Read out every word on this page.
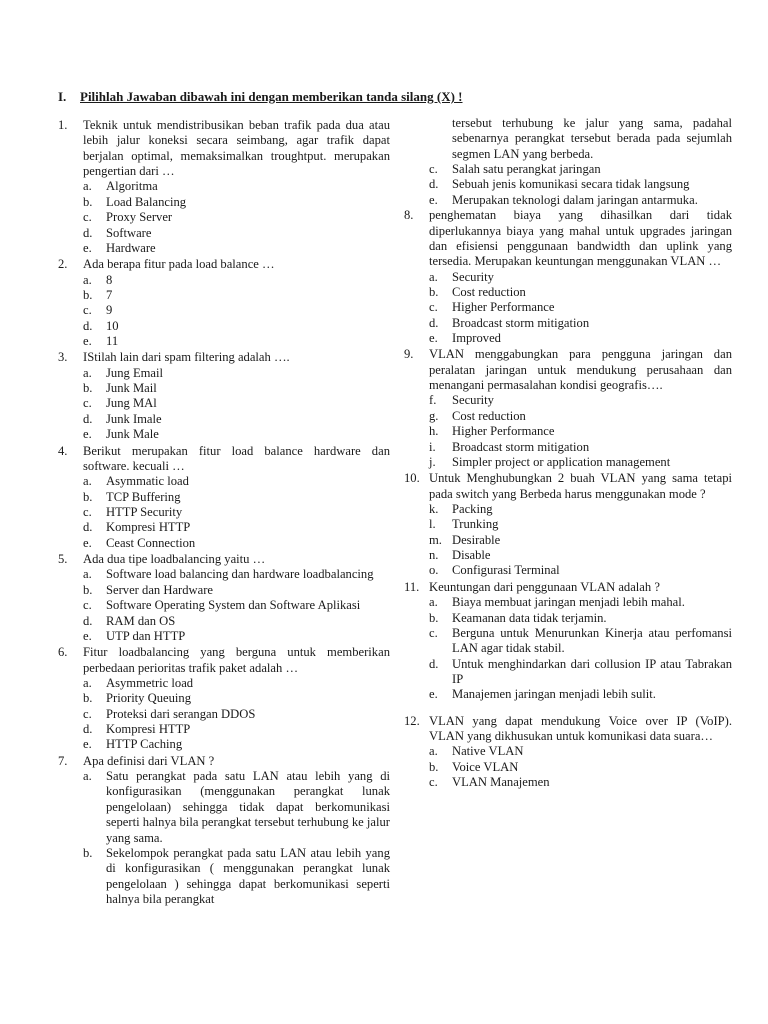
I. Pilihlah Jawaban dibawah ini dengan memberikan tanda silang (X) !
1.	Teknik untuk mendistribusikan beban trafik pada dua atau lebih jalur koneksi secara seimbang, agar trafik dapat berjalan optimal, memaksimalkan troughtput. merupakan pengertian dari …
a.	Algoritma
b.	Load Balancing
c.	Proxy Server
d.	Software
e.	Hardware
2.	Ada berapa fitur pada load balance …
a.	8
b.	7
c.	9
d.	10
e.	11
3.	IStilah lain dari spam filtering adalah ….
a.	Jung Email
b.	Junk Mail
c.	Jung MAl
d.	Junk Imale
e.	Junk Male
4.	Berikut merupakan fitur load balance hardware dan software. kecuali …
a.	Asymmatic load
b.	TCP Buffering
c.	HTTP Security
d.	Kompresi HTTP
e.	Ceast Connection
5.	Ada dua tipe loadbalancing yaitu …
a.	Software load balancing dan hardware loadbalancing
b.	Server dan Hardware
c.	Software Operating System dan Software Aplikasi
d.	RAM dan OS
e.	UTP dan HTTP
6.	Fitur loadbalancing yang berguna untuk memberikan perbedaan perioritas trafik paket adalah …
a.	Asymmetric load
b.	Priority Queuing
c.	Proteksi dari serangan DDOS
d.	Kompresi HTTP
e.	HTTP Caching
7.	Apa definisi dari VLAN ?
a.	Satu perangkat pada satu LAN atau lebih yang di konfigurasikan (menggunakan perangkat lunak pengelolaan) sehingga tidak dapat berkomunikasi seperti halnya bila perangkat tersebut terhubung ke jalur yang sama.
b.	Sekelompok perangkat pada satu LAN atau lebih yang di konfigurasikan ( menggunakan perangkat lunak pengelolaan ) sehingga dapat berkomunikasi seperti halnya bila perangkat
tersebut terhubung ke jalur yang sama, padahal sebenarnya perangkat tersebut berada pada sejumlah segmen LAN yang berbeda.
c.	Salah satu perangkat jaringan
d.	Sebuah jenis komunikasi secara tidak langsung
e.	Merupakan teknologi dalam jaringan antarmuka.
8.	penghematan biaya yang dihasilkan dari tidak diperlukannya biaya yang mahal untuk upgrades jaringan dan efisiensi penggunaan bandwidth dan uplink yang tersedia. Merupakan keuntungan menggunakan VLAN …
a.	Security
b.	Cost reduction
c.	Higher Performance
d.	Broadcast storm mitigation
e.	Improved
9.	VLAN menggabungkan para pengguna jaringan dan peralatan jaringan untuk mendukung perusahaan dan menangani permasalahan kondisi geografis….
f.	Security
g.	Cost reduction
h.	Higher Performance
i.	Broadcast storm mitigation
j.	Simpler project or application management
10. Untuk Menghubungkan 2 buah VLAN yang sama tetapi pada switch yang Berbeda harus menggunakan mode ?
k.	Packing
l.	Trunking
m. Desirable
n.	Disable
o.	Configurasi Terminal
11. Keuntungan dari penggunaan VLAN adalah ?
a.	Biaya membuat jaringan menjadi lebih mahal.
b.	Keamanan data tidak terjamin.
c.	Berguna untuk Menurunkan Kinerja atau perfomansi LAN agar tidak stabil.
d.	Untuk menghindarkan dari collusion IP atau Tabrakan IP
e.	Manajemen jaringan menjadi lebih sulit.
12. VLAN yang dapat mendukung Voice over IP (VoIP). VLAN yang dikhusukan untuk komunikasi data suara…
a.	Native VLAN
b.	Voice VLAN
c.	VLAN Manajemen
